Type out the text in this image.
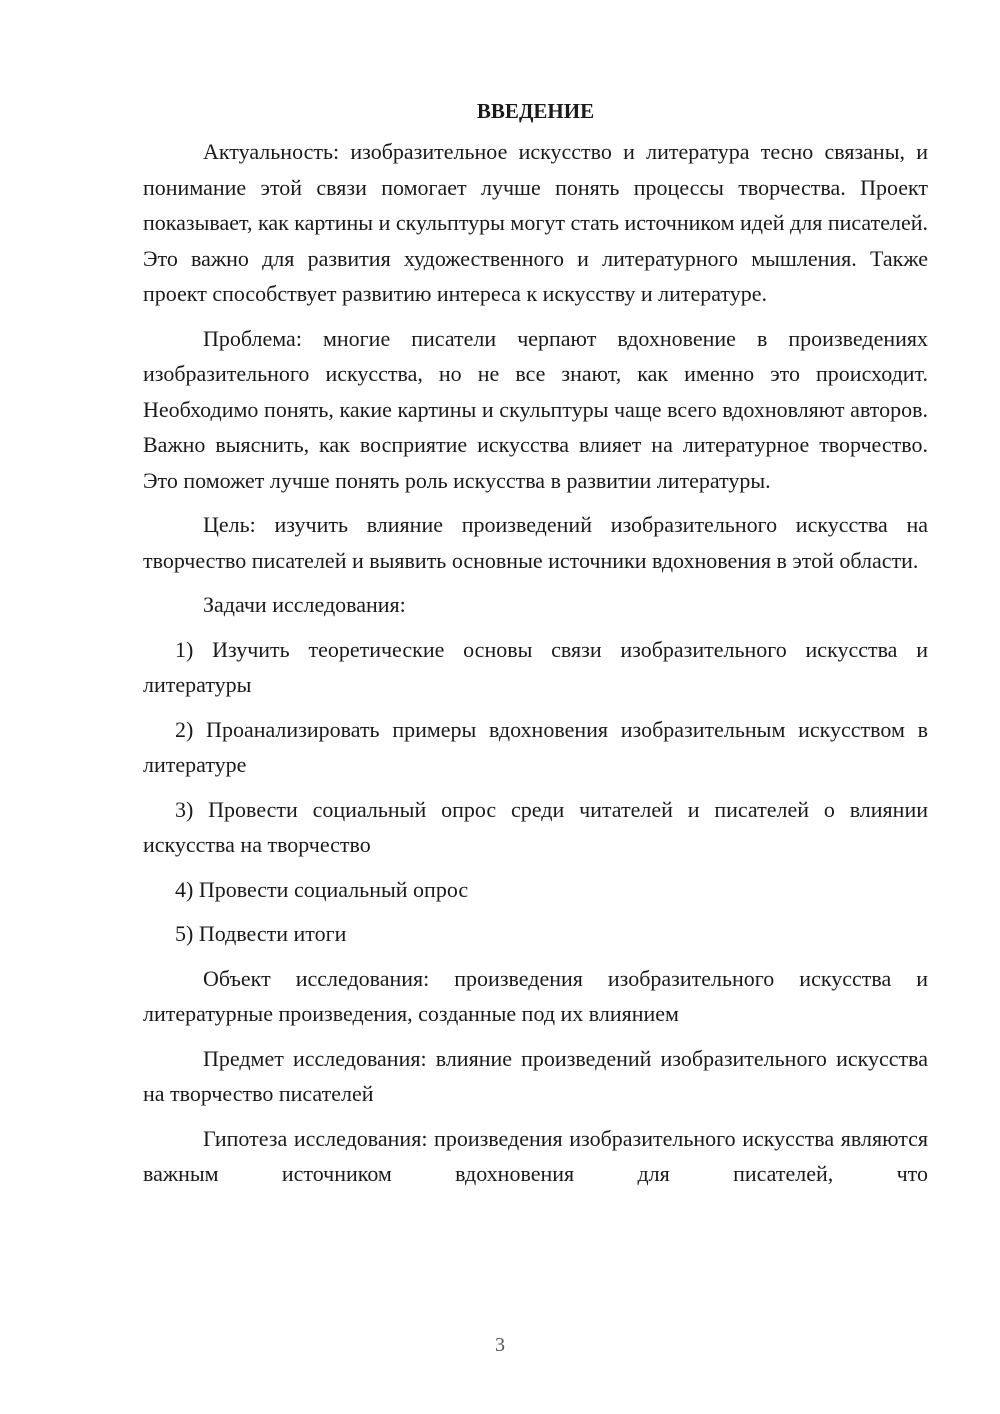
ВВЕДЕНИЕ

Актуальность: изобразительное искусство и литература тесно связаны, и понимание этой связи помогает лучше понять процессы творчества. Проект показывает, как картины и скульптуры могут стать источником идей для писателей. Это важно для развития художественного и литературного мышления. Также проект способствует развитию интереса к искусству и литературе.

Проблема: многие писатели черпают вдохновение в произведениях изобразительного искусства, но не все знают, как именно это происходит. Необходимо понять, какие картины и скульптуры чаще всего вдохновляют авторов. Важно выяснить, как восприятие искусства влияет на литературное творчество. Это поможет лучше понять роль искусства в развитии литературы.

Цель: изучить влияние произведений изобразительного искусства на творчество писателей и выявить основные источники вдохновения в этой области.

Задачи исследования:

1) Изучить теоретические основы связи изобразительного искусства и литературы

2) Проанализировать примеры вдохновения изобразительным искусством в литературе

3) Провести социальный опрос среди читателей и писателей о влиянии искусства на творчество

4) Провести социальный опрос

5) Подвести итоги

Объект исследования: произведения изобразительного искусства и литературные произведения, созданные под их влиянием

Предмет исследования: влияние произведений изобразительного искусства на творчество писателей

Гипотеза исследования: произведения изобразительного искусства являются важным источником вдохновения для писателей, что

3
